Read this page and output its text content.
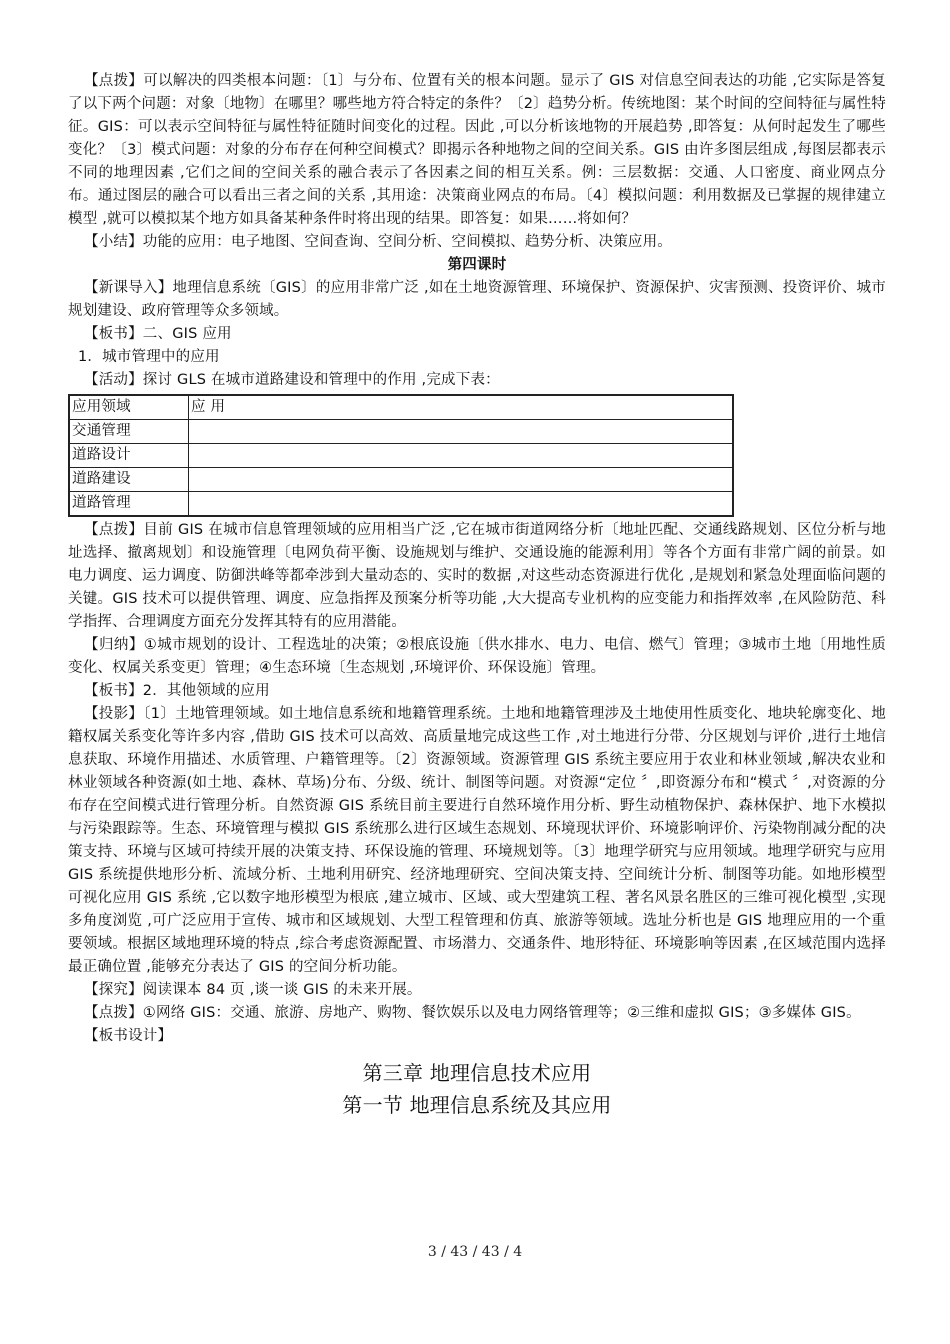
【点拨】可以解决的四类根本问题：〔1〕与分布、位置有关的根本问题。显示了 GIS 对信息空间表达的功能 ,它实际是答复了以下两个问题：对象〔地物〕在哪里？哪些地方符合特定的条件？〔2〕趋势分析。传统地图：某个时间的空间特征与属性特征。GIS：可以表示空间特征与属性特征随时间变化的过程。因此 ,可以分析该地物的开展趋势 ,即答复：从何时起发生了哪些变化？〔3〕模式问题：对象的分布存在何种空间模式？即揭示各种地物之间的空间关系。GIS 由许多图层组成 ,每图层都表示不同的地理因素 ,它们之间的空间关系的融合表示了各因素之间的相互关系。例：三层数据：交通、人口密度、商业网点分布。通过图层的融合可以看出三者之间的关系 ,其用途：决策商业网点的布局。〔4〕模拟问题：利用数据及已掌握的规律建立模型 ,就可以模拟某个地方如具备某种条件时将出现的结果。即答复：如果……将如何？

【小结】功能的应用：电子地图、空间查询、空间分析、空间模拟、趋势分析、决策应用。

第四课时

【新课导入】地理信息系统〔GIS〕的应用非常广泛 ,如在土地资源管理、环境保护、资源保护、灾害预测、投资评价、城市规划建设、政府管理等众多领域。

【板书】二、GIS 应用

1．城市管理中的应用

【活动】探讨 GLS 在城市道路建设和管理中的作用 ,完成下表：

应用领域	应 用
交通管理	
道路设计	
道路建设	
道路管理	

【点拨】目前 GIS 在城市信息管理领域的应用相当广泛 ,它在城市街道网络分析〔地址匹配、交通线路规划、区位分析与地址选择、撤离规划〕和设施管理〔电网负荷平衡、设施规划与维护、交通设施的能源利用〕等各个方面有非常广阔的前景。如电力调度、运力调度、防御洪峰等都牵涉到大量动态的、实时的数据 ,对这些动态资源进行优化 ,是规划和紧急处理面临问题的关键。GIS 技术可以提供管理、调度、应急指挥及预案分析等功能 ,大大提高专业机构的应变能力和指挥效率 ,在风险防范、科学指挥、合理调度方面充分发挥其特有的应用潜能。

【归纳】①城市规划的设计、工程选址的决策；②根底设施〔供水排水、电力、电信、燃气〕管理；③城市土地〔用地性质变化、权属关系变更〕管理；④生态环境〔生态规划 ,环境评价、环保设施〕管理。

【板书】2．其他领域的应用

【投影】〔1〕土地管理领域。如土地信息系统和地籍管理系统。土地和地籍管理涉及土地使用性质变化、地块轮廓变化、地籍权属关系变化等许多内容 ,借助 GIS 技术可以高效、高质量地完成这些工作 ,对土地进行分带、分区规划与评价 ,进行土地信息获取、环境作用描述、水质管理、户籍管理等。〔2〕资源领域。资源管理 GIS 系统主要应用于农业和林业领域 ,解决农业和林业领域各种资源(如土地、森林、草场)分布、分级、统计、制图等问题。对资源“定位 〞,即资源分布和“模式 〞,对资源的分布存在空间模式进行管理分析。自然资源 GIS 系统目前主要进行自然环境作用分析、野生动植物保护、森林保护、地下水模拟与污染跟踪等。生态、环境管理与模拟 GIS 系统那么进行区域生态规划、环境现状评价、环境影响评价、污染物削减分配的决策支持、环境与区域可持续开展的决策支持、环保设施的管理、环境规划等。〔3〕地理学研究与应用领域。地理学研究与应用 GIS 系统提供地形分析、流域分析、土地利用研究、经济地理研究、空间决策支持、空间统计分析、制图等功能。如地形模型可视化应用 GIS 系统 ,它以数字地形模型为根底 ,建立城市、区域、或大型建筑工程、著名风景名胜区的三维可视化模型 ,实现多角度浏览 ,可广泛应用于宣传、城市和区域规划、大型工程管理和仿真、旅游等领域。选址分析也是 GIS 地理应用的一个重要领域。根据区域地理环境的特点 ,综合考虑资源配置、市场潜力、交通条件、地形特征、环境影响等因素 ,在区域范围内选择最正确位置 ,能够充分表达了 GIS 的空间分析功能。

【探究】阅读课本 84 页 ,谈一谈 GIS 的未来开展。

【点拨】①网络 GIS：交通、旅游、房地产、购物、餐饮娱乐以及电力网络管理等；②三维和虚拟 GIS；③多媒体 GIS。

【板书设计】

第三章 地理信息技术应用

第一节 地理信息系统及其应用

3 / 43 / 43 / 4
